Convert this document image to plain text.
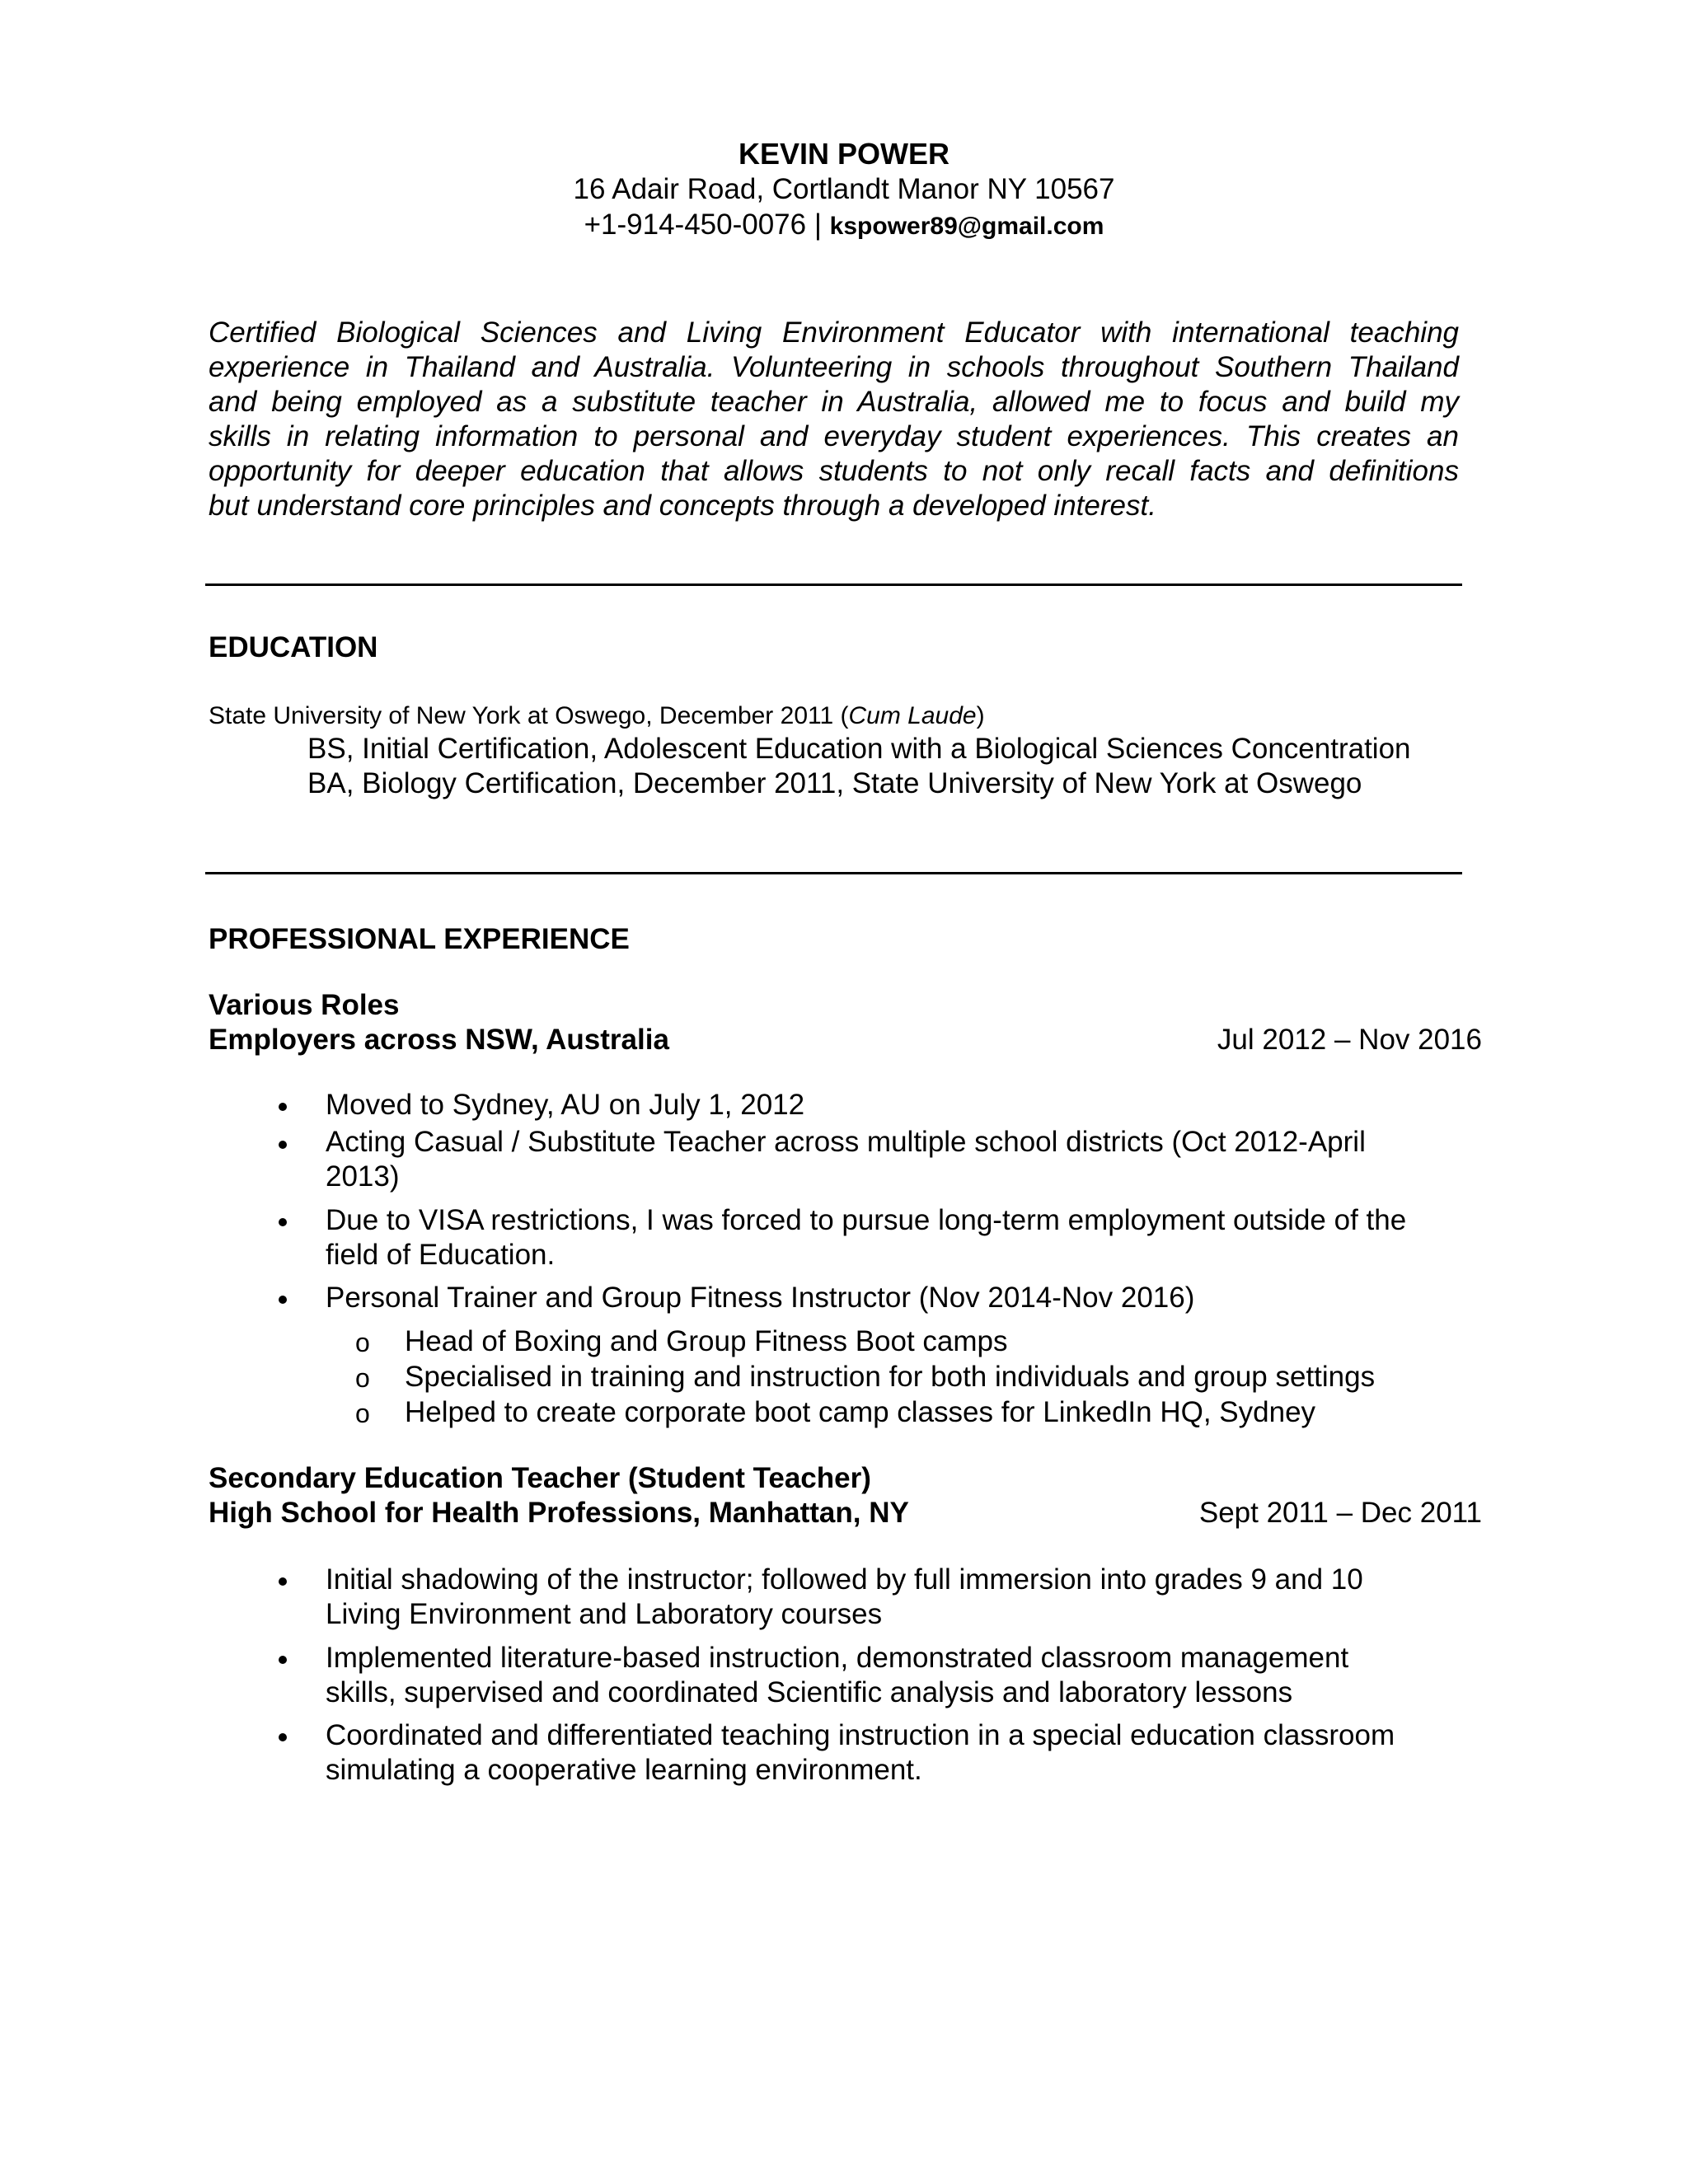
KEVIN POWER
16 Adair Road, Cortlandt Manor NY 10567
+1-914-450-0076 | kspower89@gmail.com
Certified Biological Sciences and Living Environment Educator with international teaching
experience in Thailand and Australia. Volunteering in schools throughout Southern Thailand
and being employed as a substitute teacher in Australia, allowed me to focus and build my
skills in relating information to personal and everyday student experiences. This creates an
opportunity for deeper education that allows students to not only recall facts and definitions
but understand core principles and concepts through a developed interest.
EDUCATION
State University of New York at Oswego, December 2011 (Cum Laude)
BS, Initial Certification, Adolescent Education with a Biological Sciences Concentration
BA, Biology Certification, December 2011, State University of New York at Oswego
PROFESSIONAL EXPERIENCE
Various Roles
Employers across NSW, Australia	Jul 2012 – Nov 2016
Moved to Sydney, AU on July 1, 2012
Acting Casual / Substitute Teacher across multiple school districts (Oct 2012-April
2013)
Due to VISA restrictions, I was forced to pursue long-term employment outside of the
field of Education.
Personal Trainer and Group Fitness Instructor (Nov 2014-Nov 2016)
o Head of Boxing and Group Fitness Boot camps
o Specialised in training and instruction for both individuals and group settings
o Helped to create corporate boot camp classes for LinkedIn HQ, Sydney
Secondary Education Teacher (Student Teacher)
High School for Health Professions, Manhattan, NY	Sept 2011 – Dec 2011
Initial shadowing of the instructor; followed by full immersion into grades 9 and 10
Living Environment and Laboratory courses
Implemented literature-based instruction, demonstrated classroom management
skills, supervised and coordinated Scientific analysis and laboratory lessons
Coordinated and differentiated teaching instruction in a special education classroom
simulating a cooperative learning environment.
